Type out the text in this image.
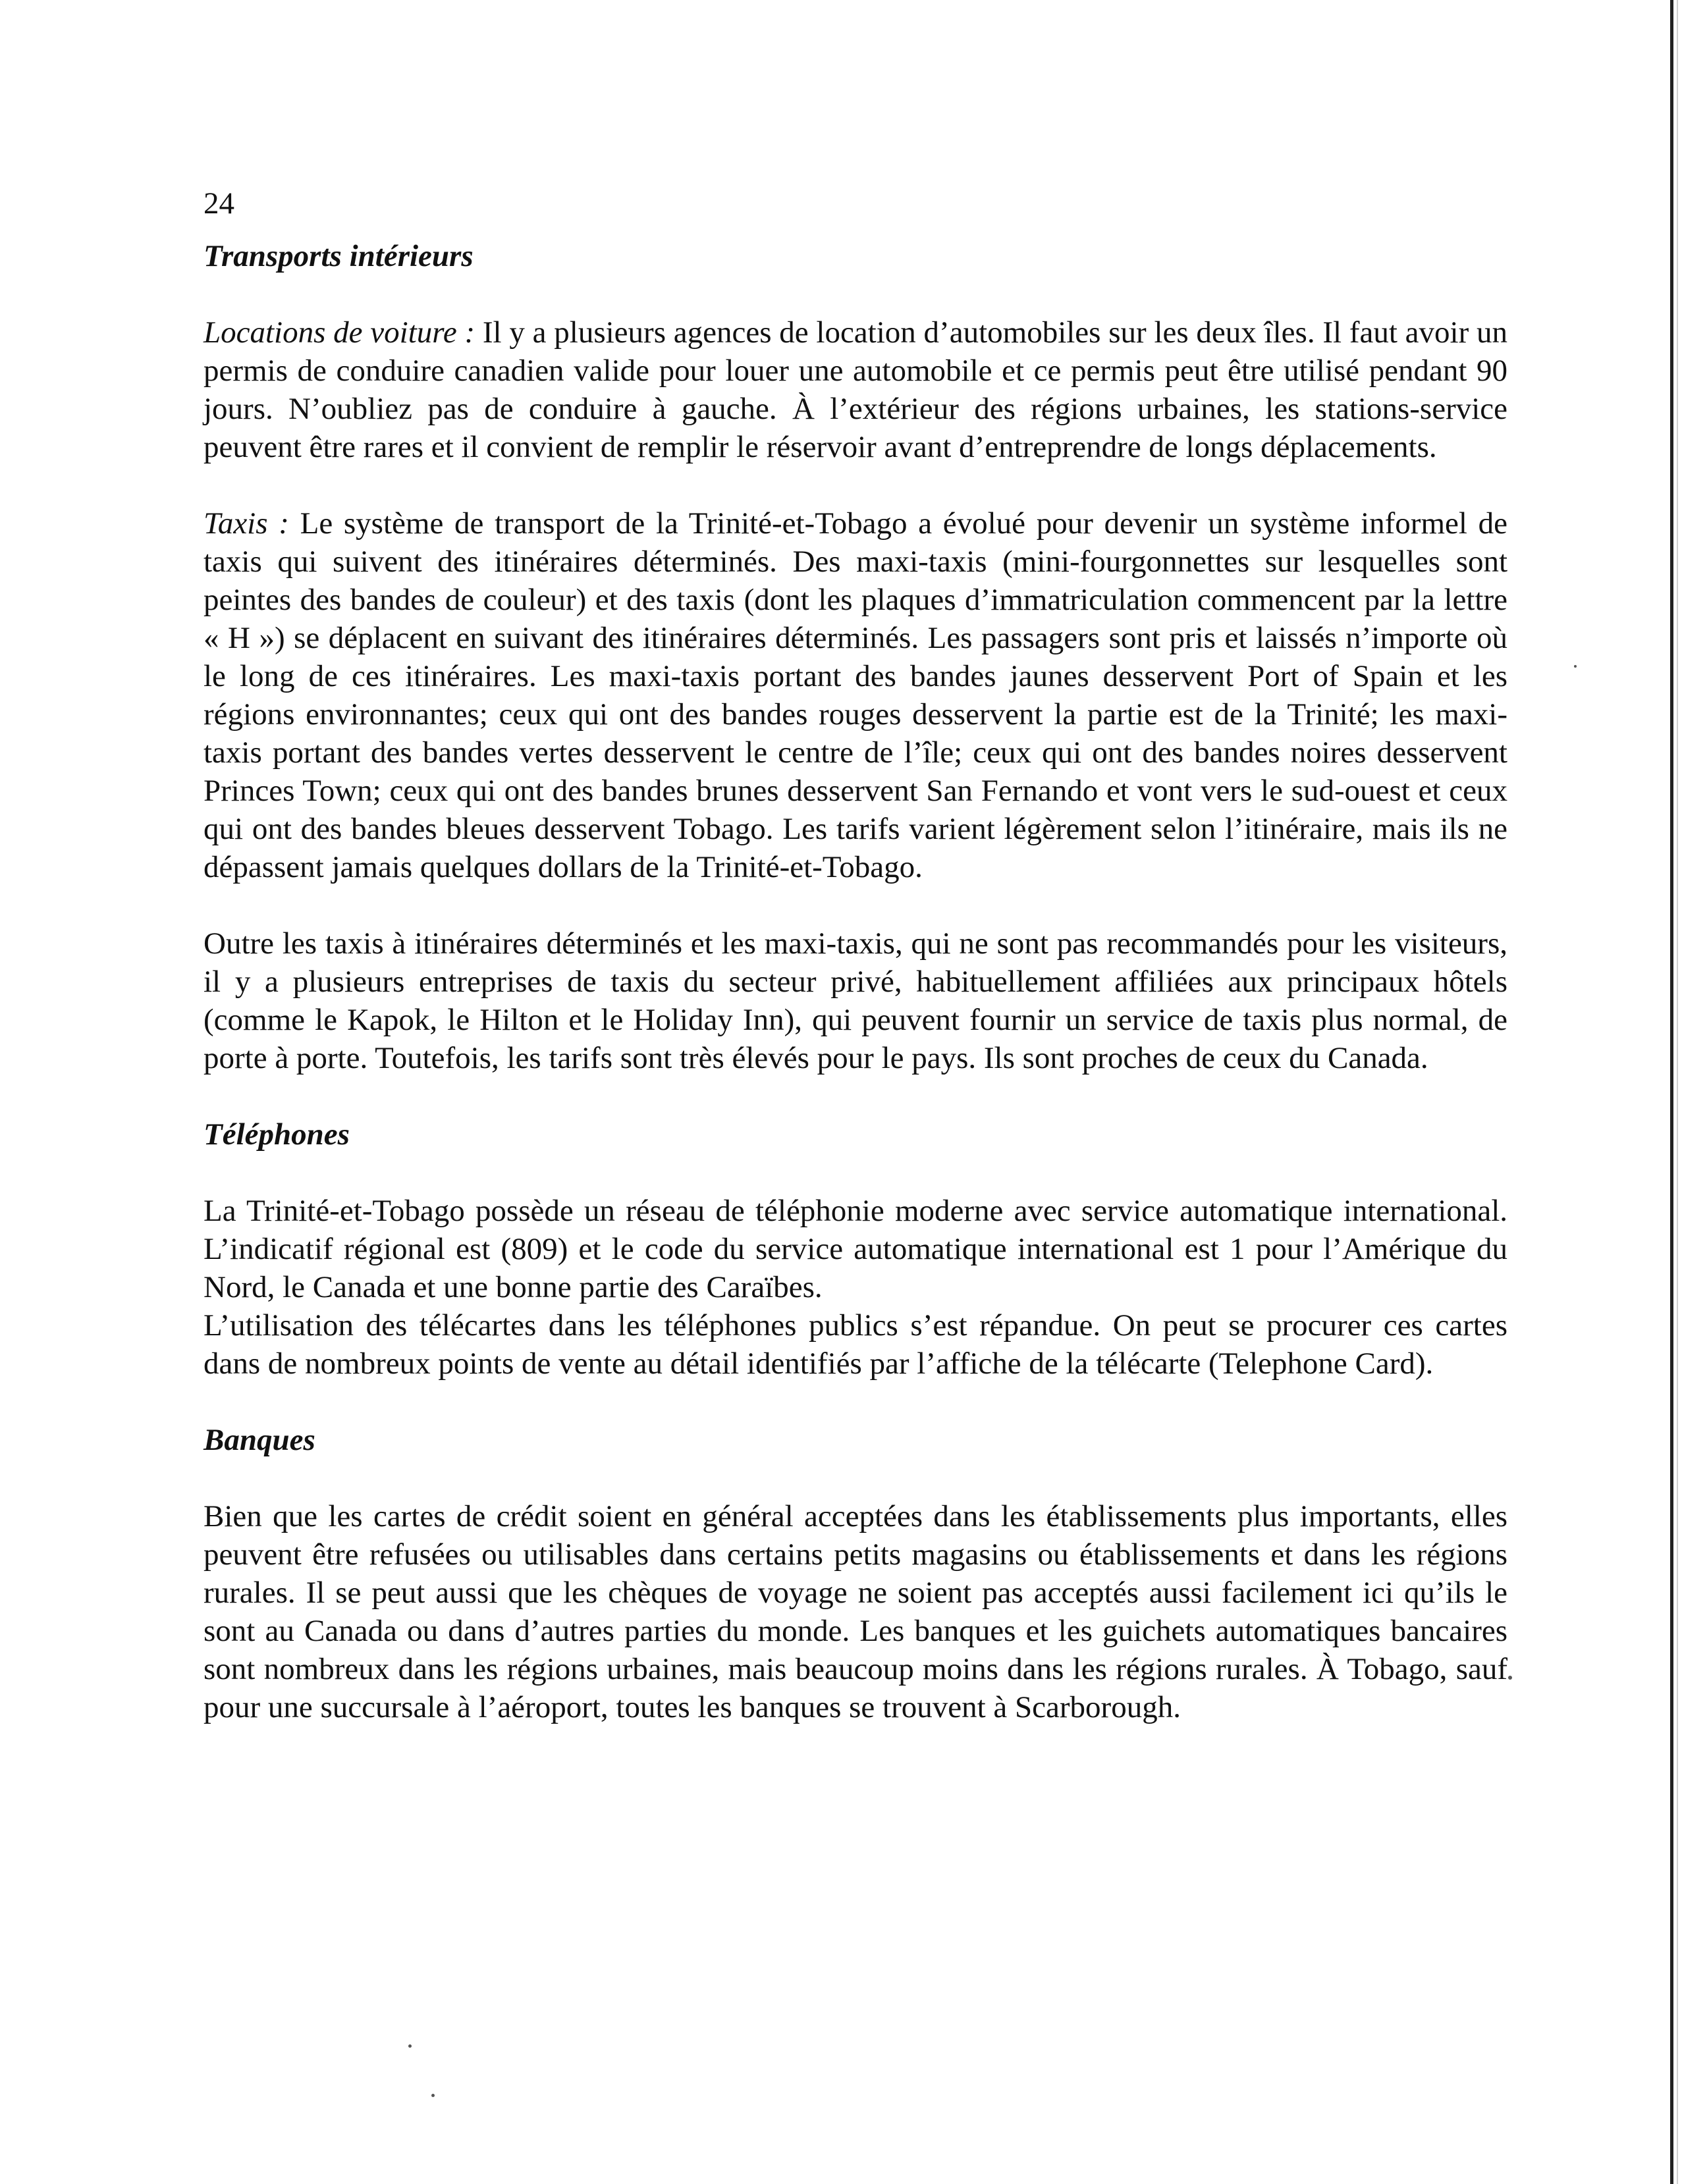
24
Transports intérieurs

Locations de voiture : Il y a plusieurs agences de location d’automobiles sur les deux îles. Il faut avoir un permis de conduire canadien valide pour louer une automobile et ce permis peut être utilisé pendant 90 jours. N’oubliez pas de conduire à gauche. À l’extérieur des régions urbaines, les stations-service peuvent être rares et il convient de remplir le réservoir avant d’entreprendre de longs déplacements.

Taxis : Le système de transport de la Trinité-et-Tobago a évolué pour devenir un système informel de taxis qui suivent des itinéraires déterminés. Des maxi-taxis (mini-fourgonnettes sur lesquelles sont peintes des bandes de couleur) et des taxis (dont les plaques d’immatriculation commencent par la lettre « H ») se déplacent en suivant des itinéraires déterminés. Les passagers sont pris et laissés n’importe où le long de ces itinéraires. Les maxi-taxis portant des bandes jaunes desservent Port of Spain et les régions environnantes; ceux qui ont des bandes rouges desservent la partie est de la Trinité; les maxi-taxis portant des bandes vertes desservent le centre de l’île; ceux qui ont des bandes noires desservent Princes Town; ceux qui ont des bandes brunes desservent San Fernando et vont vers le sud-ouest et ceux qui ont des bandes bleues desservent Tobago. Les tarifs varient légèrement selon l’itinéraire, mais ils ne dépassent jamais quelques dollars de la Trinité-et-Tobago.

Outre les taxis à itinéraires déterminés et les maxi-taxis, qui ne sont pas recommandés pour les visiteurs, il y a plusieurs entreprises de taxis du secteur privé, habituellement affiliées aux principaux hôtels (comme le Kapok, le Hilton et le Holiday Inn), qui peuvent fournir un service de taxis plus normal, de porte à porte. Toutefois, les tarifs sont très élevés pour le pays. Ils sont proches de ceux du Canada.

Téléphones

La Trinité-et-Tobago possède un réseau de téléphonie moderne avec service automatique international. L’indicatif régional est (809) et le code du service automatique international est 1 pour l’Amérique du Nord, le Canada et une bonne partie des Caraïbes.

L’utilisation des télécartes dans les téléphones publics s’est répandue. On peut se procurer ces cartes dans de nombreux points de vente au détail identifiés par l’affiche de la télécarte (Telephone Card).

Banques

Bien que les cartes de crédit soient en général acceptées dans les établissements plus importants, elles peuvent être refusées ou utilisables dans certains petits magasins ou établissements et dans les régions rurales. Il se peut aussi que les chèques de voyage ne soient pas acceptés aussi facilement ici qu’ils le sont au Canada ou dans d’autres parties du monde. Les banques et les guichets automatiques bancaires sont nombreux dans les régions urbaines, mais beaucoup moins dans les régions rurales. À Tobago, sauf pour une succursale à l’aéroport, toutes les banques se trouvent à Scarborough.
